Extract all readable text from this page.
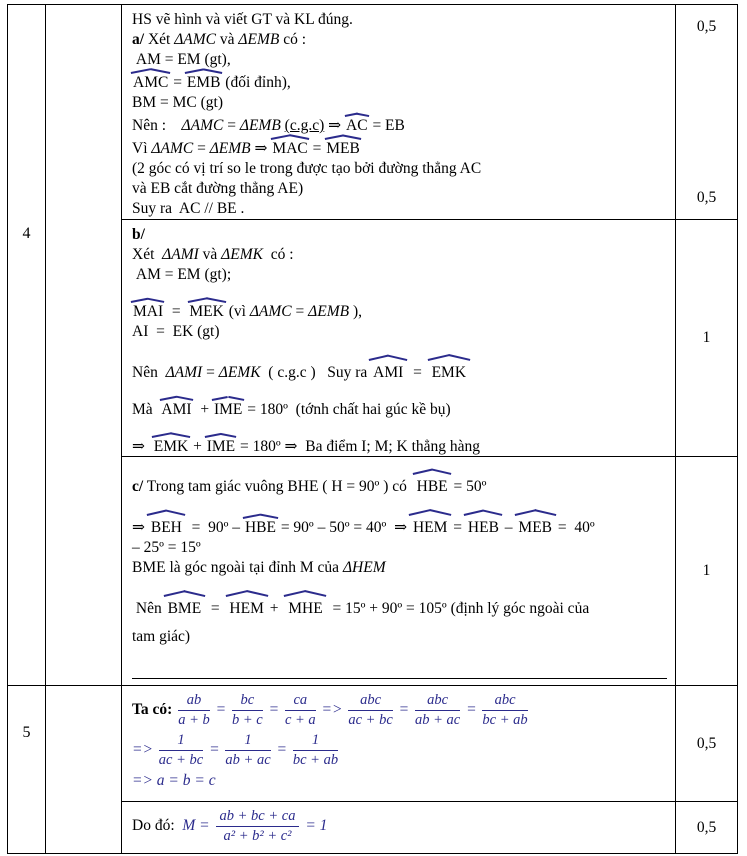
4
HS vẽ hình và viết GT và KL đúng.
a/ Xét ΔAMC và ΔEMB có :
AM = EM (gt),
AMC = EMB (đối đỉnh),
BM = MC (gt)
Nên :    ΔAMC = ΔEMB (c.g.c) ⇒ AC = EB
Vì ΔAMC = ΔEMB ⇒ MAC = MEB
(2 góc có vị trí so le trong được tạo bởi đường thẳng AC
và EB cắt đường thẳng AE)
Suy ra  AC // BE .
0,5
0,5
b/
Xét  ΔAMI và ΔEMK  có :
AM = EM (gt);
MAI  =  MEK (vì ΔAMC = ΔEMB ),
AI  =  EK (gt)
Nên  ΔAMI = ΔEMK  ( c.g.c )   Suy ra AMI  =  EMK
Mà  AMI  + IME = 180º  (tớnh chất hai gúc kề bụ)
⇒  EMK + IME = 180º ⇒  Ba điểm I; M; K thẳng hàng
1
c/ Trong tam giác vuông BHE ( H = 90º ) có  HBE = 50º
⇒ BEH  =  90º – HBE = 90º – 50º = 40º  ⇒ HEM = HEB – MEB =  40º
– 25º = 15º
BME là góc ngoài tại đỉnh M của ΔHEM
Nên BME  =  HEM +  MHE  = 15º + 90º = 105º (định lý góc ngoài của
tam giác)
1
5
Ta có: $\frac{ab}{a + b} = \frac{bc}{b + c} = \frac{ca}{c + a} => \frac{\text{abc}}{ac + bc} = \frac{\text{abc}}{ab + ac} = \frac{\text{abc}}{bc + ab}$
=> $\frac{1}{ac + bc} = \frac{1}{ab + ac} = \frac{1}{bc + ab}$
=> a = b = c
0,5
Do đó: $M = \frac{ab + bc + ca}{\text{a² + b² + c²}} = 1$	0,5
